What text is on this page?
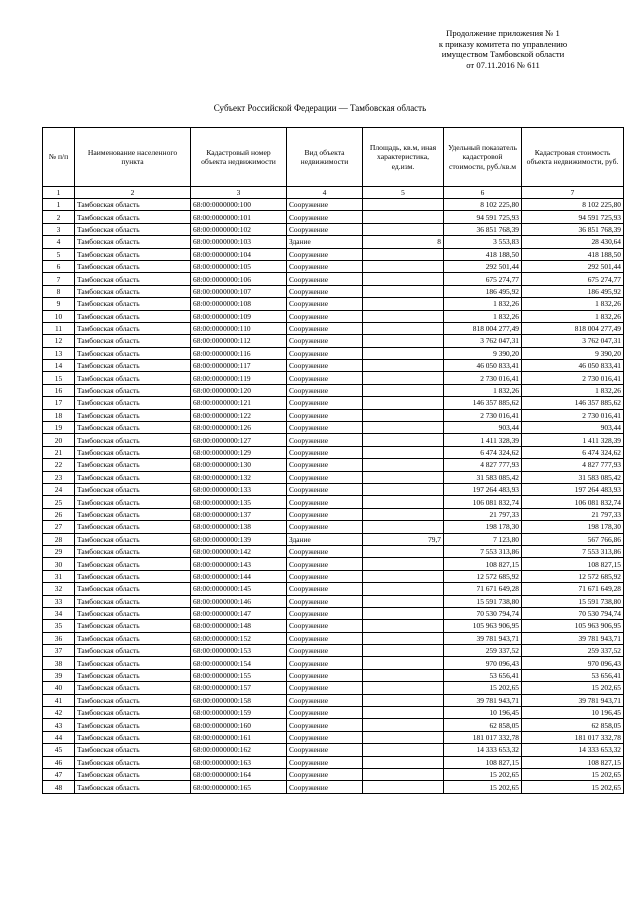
Продолжение приложения № 1
к приказу комитета по управлению
имуществом Тамбовской области
от 07.11.2016 № 611
Субъект Российской Федерации — Тамбовская область
№ п/п	Наименование населенного пункта	Кадастровый номер объекта недвижимости	Вид объекта недвижимости	Площадь, кв.м, иная характеристика, ед.изм.	Удельный показатель кадастровой стоимости, руб./кв.м	Кадастровая стоимость объекта недвижимости, руб.
1	2	3	4	5	6	7
1	Тамбовская область	68:00:0000000:100	Сооружение		8 102 225,80	8 102 225,80
2	Тамбовская область	68:00:0000000:101	Сооружение		94 591 725,93	94 591 725,93
3	Тамбовская область	68:00:0000000:102	Сооружение		36 851 768,39	36 851 768,39
4	Тамбовская область	68:00:0000000:103	Здание	8	3 553,83	28 430,64
5	Тамбовская область	68:00:0000000:104	Сооружение		418 188,50	418 188,50
6	Тамбовская область	68:00:0000000:105	Сооружение		292 501,44	292 501,44
7	Тамбовская область	68:00:0000000:106	Сооружение		675 274,77	675 274,77
8	Тамбовская область	68:00:0000000:107	Сооружение		186 495,92	186 495,92
9	Тамбовская область	68:00:0000000:108	Сооружение		1 832,26	1 832,26
10	Тамбовская область	68:00:0000000:109	Сооружение		1 832,26	1 832,26
11	Тамбовская область	68:00:0000000:110	Сооружение		818 004 277,49	818 004 277,49
12	Тамбовская область	68:00:0000000:112	Сооружение		3 762 047,31	3 762 047,31
13	Тамбовская область	68:00:0000000:116	Сооружение		9 390,20	9 390,20
14	Тамбовская область	68:00:0000000:117	Сооружение		46 050 833,41	46 050 833,41
15	Тамбовская область	68:00:0000000:119	Сооружение		2 730 016,41	2 730 016,41
16	Тамбовская область	68:00:0000000:120	Сооружение		1 832,26	1 832,26
17	Тамбовская область	68:00:0000000:121	Сооружение		146 357 885,62	146 357 885,62
18	Тамбовская область	68:00:0000000:122	Сооружение		2 730 016,41	2 730 016,41
19	Тамбовская область	68:00:0000000:126	Сооружение		903,44	903,44
20	Тамбовская область	68:00:0000000:127	Сооружение		1 411 328,39	1 411 328,39
21	Тамбовская область	68:00:0000000:129	Сооружение		6 474 324,62	6 474 324,62
22	Тамбовская область	68:00:0000000:130	Сооружение		4 827 777,93	4 827 777,93
23	Тамбовская область	68:00:0000000:132	Сооружение		31 583 085,42	31 583 085,42
24	Тамбовская область	68:00:0000000:133	Сооружение		197 264 483,93	197 264 483,93
25	Тамбовская область	68:00:0000000:135	Сооружение		106 081 832,74	106 081 832,74
26	Тамбовская область	68:00:0000000:137	Сооружение		21 797,33	21 797,33
27	Тамбовская область	68:00:0000000:138	Сооружение		198 178,30	198 178,30
28	Тамбовская область	68:00:0000000:139	Здание	79,7	7 123,80	567 766,86
29	Тамбовская область	68:00:0000000:142	Сооружение		7 553 313,86	7 553 313,86
30	Тамбовская область	68:00:0000000:143	Сооружение		108 827,15	108 827,15
31	Тамбовская область	68:00:0000000:144	Сооружение		12 572 685,92	12 572 685,92
32	Тамбовская область	68:00:0000000:145	Сооружение		71 671 649,28	71 671 649,28
33	Тамбовская область	68:00:0000000:146	Сооружение		15 591 738,80	15 591 738,80
34	Тамбовская область	68:00:0000000:147	Сооружение		70 530 794,74	70 530 794,74
35	Тамбовская область	68:00:0000000:148	Сооружение		105 963 906,95	105 963 906,95
36	Тамбовская область	68:00:0000000:152	Сооружение		39 781 943,71	39 781 943,71
37	Тамбовская область	68:00:0000000:153	Сооружение		259 337,52	259 337,52
38	Тамбовская область	68:00:0000000:154	Сооружение		970 096,43	970 096,43
39	Тамбовская область	68:00:0000000:155	Сооружение		53 656,41	53 656,41
40	Тамбовская область	68:00:0000000:157	Сооружение		15 202,65	15 202,65
41	Тамбовская область	68:00:0000000:158	Сооружение		39 781 943,71	39 781 943,71
42	Тамбовская область	68:00:0000000:159	Сооружение		10 196,45	10 196,45
43	Тамбовская область	68:00:0000000:160	Сооружение		62 858,05	62 858,05
44	Тамбовская область	68:00:0000000:161	Сооружение		181 017 332,78	181 017 332,78
45	Тамбовская область	68:00:0000000:162	Сооружение		14 333 653,32	14 333 653,32
46	Тамбовская область	68:00:0000000:163	Сооружение		108 827,15	108 827,15
47	Тамбовская область	68:00:0000000:164	Сооружение		15 202,65	15 202,65
48	Тамбовская область	68:00:0000000:165	Сооружение		15 202,65	15 202,65
